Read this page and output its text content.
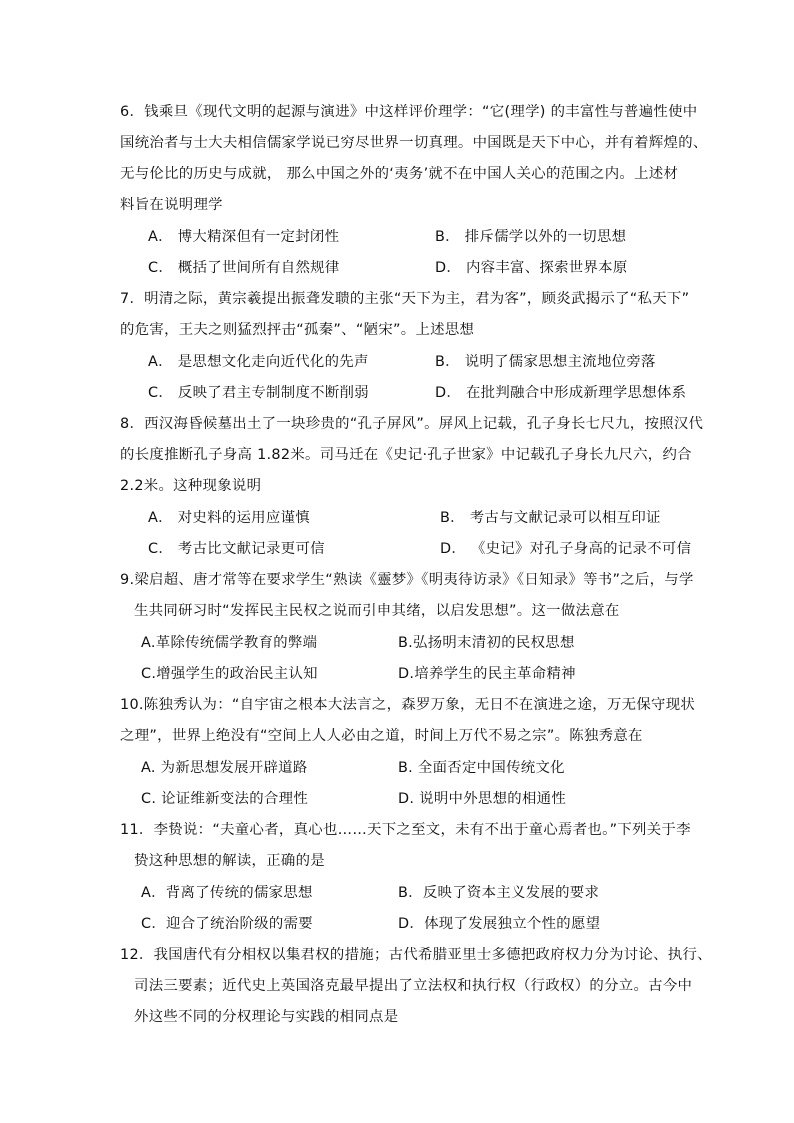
6．钱乘旦《现代文明的起源与演进》中这样评价理学：“它(理学) 的丰富性与普遍性使中
国统治者与士大夫相信儒家学说已穷尽世界一切真理。中国既是天下中心，并有着辉煌的、
无与伦比的历史与成就， 那么中国之外的‘夷务’就不在中国人关心的范围之内。上述材
料旨在说明理学
A． 博大精深但有一定封闭性	B． 排斥儒学以外的一切思想
C． 概括了世间所有自然规律	D． 内容丰富、探索世界本原
7．明清之际，黄宗羲提出振聋发聩的主张“天下为主，君为客”，顾炎武揭示了“私天下”
的危害，王夫之则猛烈抨击“孤秦”、“陋宋”。上述思想
A． 是思想文化走向近代化的先声	B． 说明了儒家思想主流地位旁落
C． 反映了君主专制制度不断削弱	D． 在批判融合中形成新理学思想体系
8．西汉海昏候墓出土了一块珍贵的“孔子屏风”。屏风上记载，孔子身长七尺九，按照汉代
的长度推断孔子身高 1.82米。司马迁在《史记·孔子世家》中记载孔子身长九尺六，约合
2.2米。这种现象说明
A． 对史料的运用应谨慎	B． 考古与文献记录可以相互印证
C． 考古比文献记录更可信	D． 《史记》对孔子身高的记录不可信
9.梁启超、唐才常等在要求学生“熟读《靈梦》《明夷待访录》《日知录》等书”之后，与学
生共同研习时“发挥民主民权之说而引申其绪，以启发思想”。这一做法意在
A.革除传统儒学教育的弊端	B.弘扬明末清初的民权思想
C.增强学生的政治民主认知	D.培养学生的民主革命精神
10.陈独秀认为：“自宇宙之根本大法言之，森罗万象，无日不在演进之途，万无保守现状
之理”，世界上绝没有“空间上人人必由之道，时间上万代不易之宗”。陈独秀意在
A. 为新思想发展开辟道路	B. 全面否定中国传统文化
C. 论证维新变法的合理性	D. 说明中外思想的相通性
11．李贽说：“夫童心者，真心也……天下之至文，未有不出于童心焉者也。”下列关于李
贽这种思想的解读，正确的是
A．背离了传统的儒家思想	B．反映了资本主义发展的要求
C．迎合了统治阶级的需要	D．体现了发展独立个性的愿望
12．我国唐代有分相权以集君权的措施；古代希腊亚里士多德把政府权力分为讨论、执行、
司法三要素；近代史上英国洛克最早提出了立法权和执行权（行政权）的分立。古今中
外这些不同的分权理论与实践的相同点是
